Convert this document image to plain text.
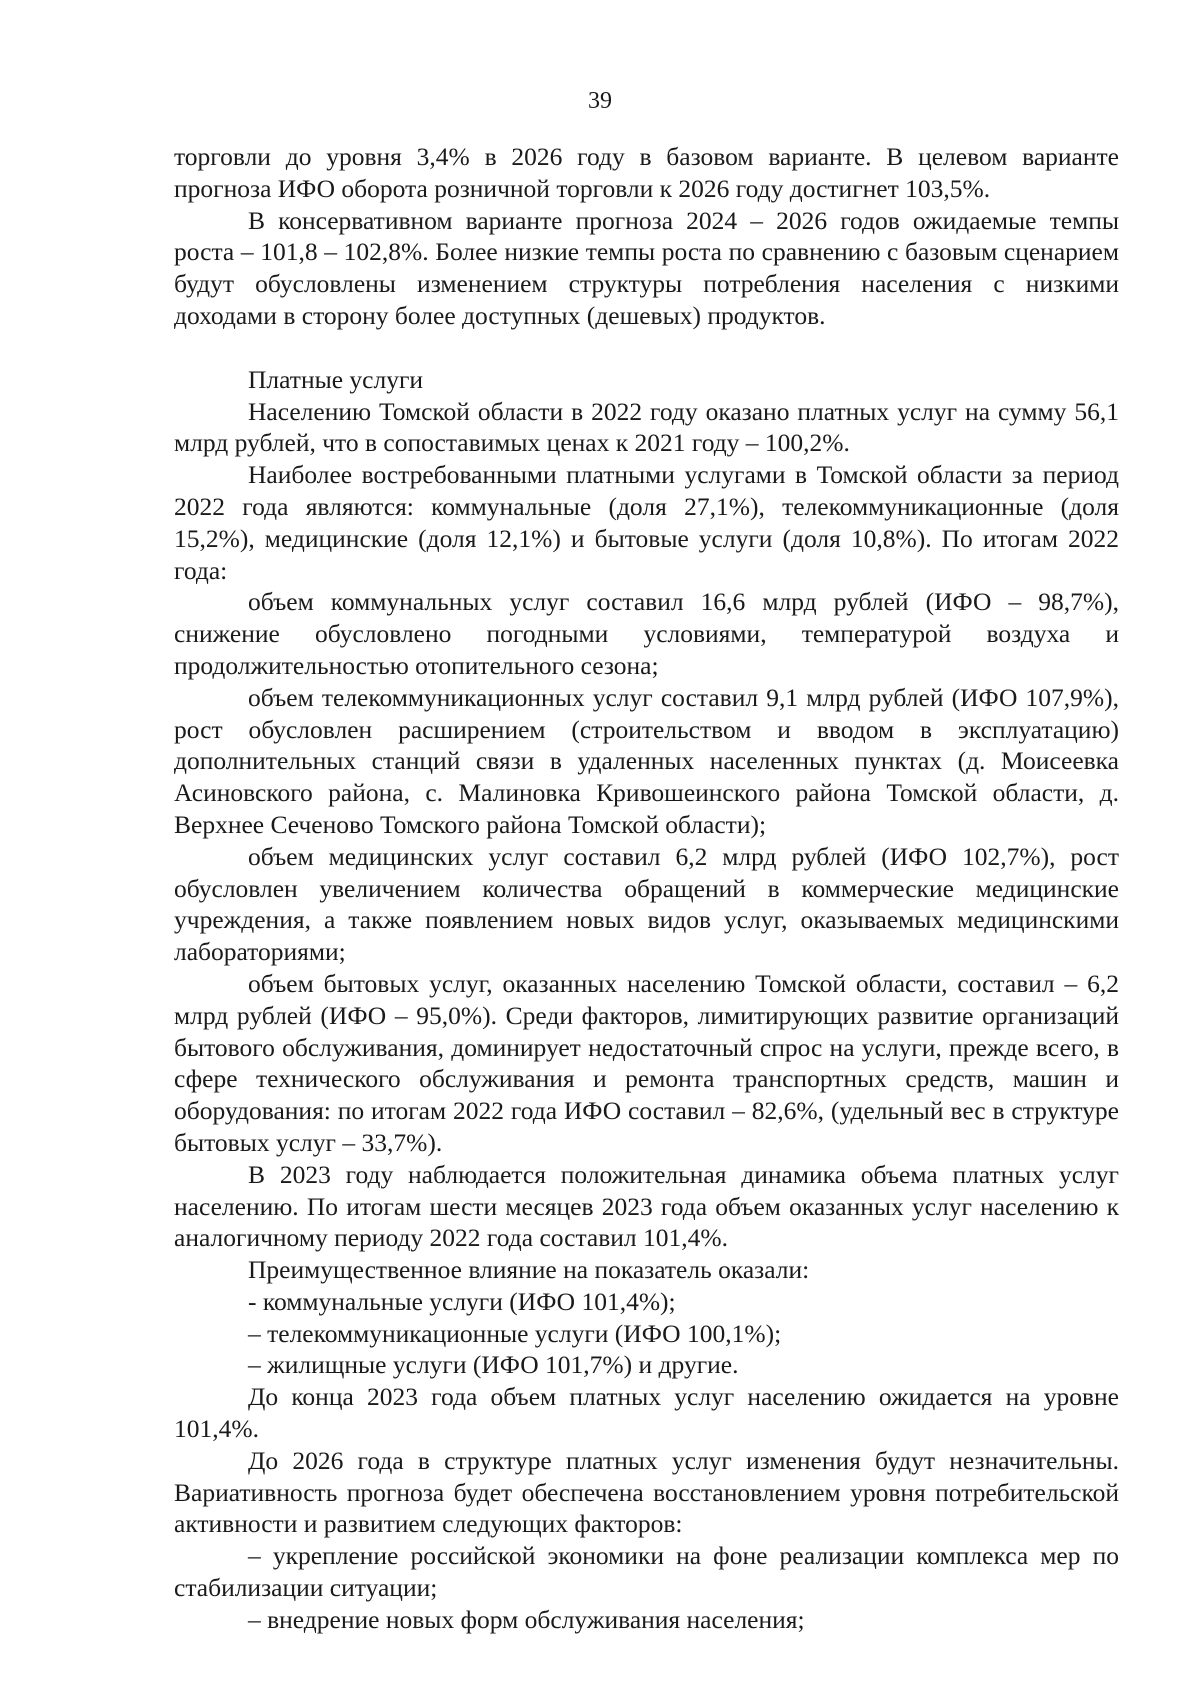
39

торговли до уровня 3,4% в 2026 году в базовом варианте. В целевом варианте прогноза ИФО оборота розничной торговли к 2026 году достигнет 103,5%.

В консервативном варианте прогноза 2024 – 2026 годов ожидаемые темпы роста – 101,8 – 102,8%. Более низкие темпы роста по сравнению с базовым сценарием будут обусловлены изменением структуры потребления населения с низкими доходами в сторону более доступных (дешевых) продуктов.

Платные услуги

Населению Томской области в 2022 году оказано платных услуг на сумму 56,1 млрд рублей, что в сопоставимых ценах к 2021 году – 100,2%.

Наиболее востребованными платными услугами в Томской области за период 2022 года являются: коммунальные (доля 27,1%), телекоммуникационные (доля 15,2%), медицинские (доля 12,1%) и бытовые услуги (доля 10,8%). По итогам 2022 года:

объем коммунальных услуг составил 16,6 млрд рублей (ИФО – 98,7%), снижение обусловлено погодными условиями, температурой воздуха и продолжительностью отопительного сезона;

объем телекоммуникационных услуг составил 9,1 млрд рублей (ИФО 107,9%), рост обусловлен расширением (строительством и вводом в эксплуатацию) дополнительных станций связи в удаленных населенных пунктах (д. Моисеевка Асиновского района, с. Малиновка Кривошеинского района Томской области, д. Верхнее Сеченово Томского района Томской области);

объем медицинских услуг составил 6,2 млрд рублей (ИФО 102,7%), рост обусловлен увеличением количества обращений в коммерческие медицинские учреждения, а также появлением новых видов услуг, оказываемых медицинскими лабораториями;

объем бытовых услуг, оказанных населению Томской области, составил – 6,2 млрд рублей (ИФО – 95,0%). Среди факторов, лимитирующих развитие организаций бытового обслуживания, доминирует недостаточный спрос на услуги, прежде всего, в сфере технического обслуживания и ремонта транспортных средств, машин и оборудования: по итогам 2022 года ИФО составил – 82,6%, (удельный вес в структуре бытовых услуг – 33,7%).

В 2023 году наблюдается положительная динамика объема платных услуг населению. По итогам шести месяцев 2023 года объем оказанных услуг населению к аналогичному периоду 2022 года составил 101,4%.

Преимущественное влияние на показатель оказали:

- коммунальные услуги (ИФО 101,4%);

– телекоммуникационные услуги (ИФО 100,1%);

– жилищные услуги (ИФО 101,7%) и другие.

До конца 2023 года объем платных услуг населению ожидается на уровне 101,4%.

До 2026 года в структуре платных услуг изменения будут незначительны. Вариативность прогноза будет обеспечена восстановлением уровня потребительской активности и развитием следующих факторов:

– укрепление российской экономики на фоне реализации комплекса мер по стабилизации ситуации;

– внедрение новых форм обслуживания населения;
